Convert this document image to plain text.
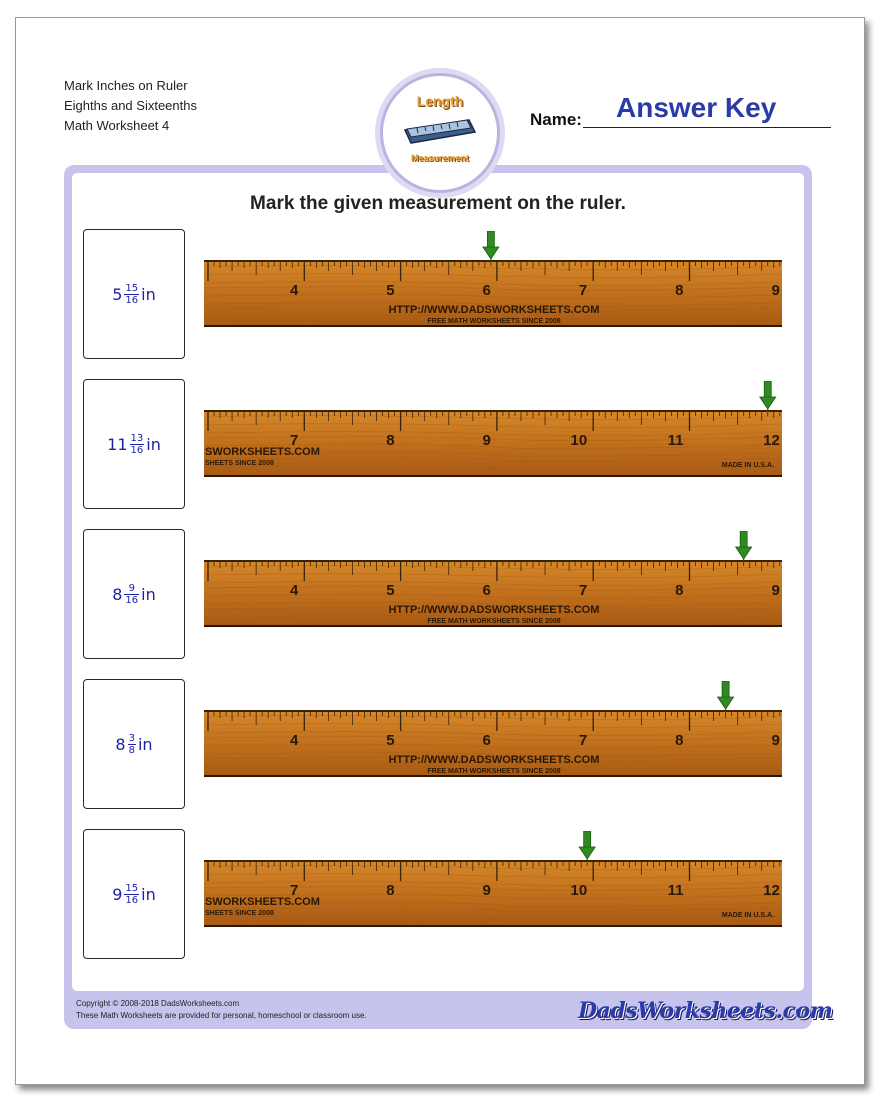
Mark Inches on Ruler
Eighths and Sixteenths
Math Worksheet 4
Length
Measurement
Name: Answer Key
Mark the given measurement on the ruler.
$5 \frac{15}{16}$ in	4	5	6	7	8	9
HTTP://WWW.DADSWORKSHEETS.COM
FREE MATH WORKSHEETS SINCE 2008
$11 \frac{13}{16}$ in	7	8	9	10	11	12
SWORKSHEETS.COM
SHEETS SINCE 2008	MADE IN U.S.A.
$8 \frac{9}{16}$ in	4	5	6	7	8	9
HTTP://WWW.DADSWORKSHEETS.COM
FREE MATH WORKSHEETS SINCE 2008
$8 \frac{3}{8}$ in	4	5	6	7	8	9
HTTP://WWW.DADSWORKSHEETS.COM
FREE MATH WORKSHEETS SINCE 2008
$9 \frac{15}{16}$ in	7	8	9	10	11	12
SWORKSHEETS.COM
SHEETS SINCE 2008	MADE IN U.S.A.
Copyright © 2008-2018 DadsWorksheets.com
These Math Worksheets are provided for personal, homeschool or classroom use.	DadsWorksheets.com
